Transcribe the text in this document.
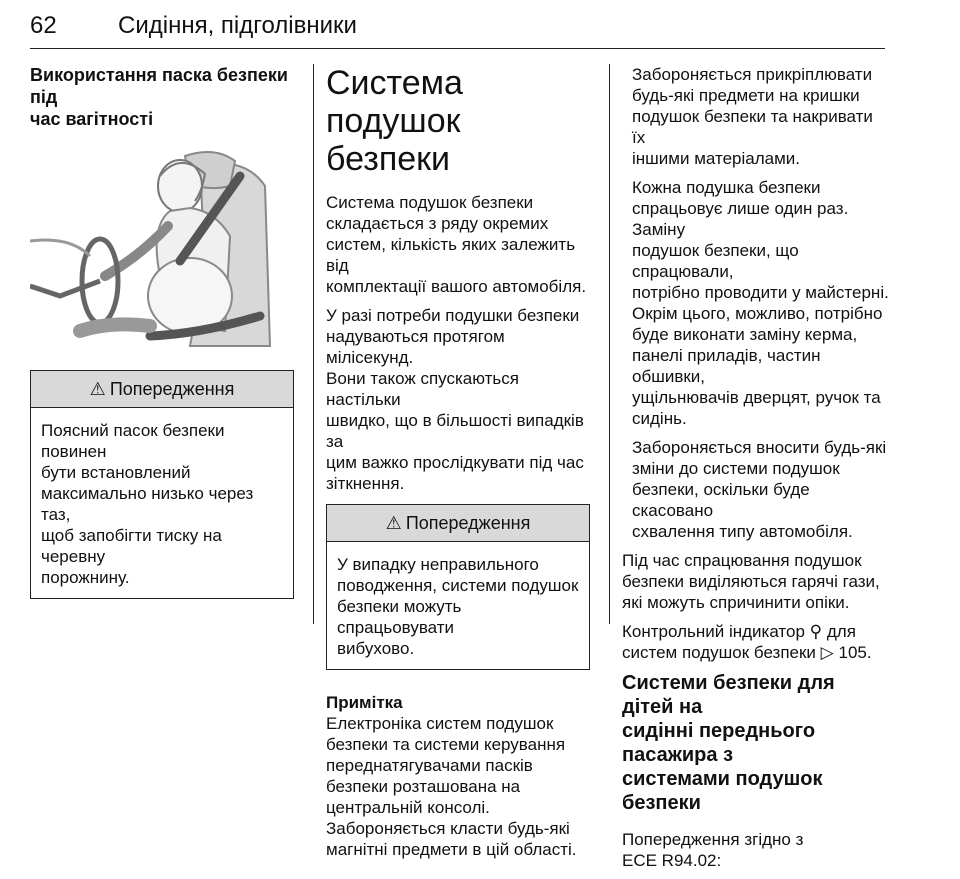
62	Сидіння, підголівники
Використання паска безпеки під
час вагітності
⚠ Попередження
Поясний пасок безпеки повинен
бути встановлений
максимально низько через таз,
щоб запобігти тиску на черевну
порожнину.
Система подушок
безпеки

Система подушок безпеки
складається з ряду окремих
систем, кількість яких залежить від
комплектації вашого автомобіля.

У разі потреби подушки безпеки
надуваються протягом мілісекунд.
Вони також спускаються настільки
швидко, що в більшості випадків за
цим важко прослідкувати під час
зіткнення.

⚠ Попередження
У випадку неправильного
поводження, системи подушок
безпеки можуть спрацьовувати
вибухово.
Примітка
Електроніка систем подушок
безпеки та системи керування
переднатягувачами пасків
безпеки розташована на
центральній консолі.
Забороняється класти будь-які
магнітні предмети в цій області.

Забороняється прикріплювати
будь-які предмети на кришки
подушок безпеки та накривати їх
іншими матеріалами.

Кожна подушка безпеки
спрацьовує лише один раз. Заміну
подушок безпеки, що спрацювали,
потрібно проводити у майстерні.
Окрім цього, можливо, потрібно
буде виконати заміну керма,
панелі приладів, частин обшивки,
ущільнювачів дверцят, ручок та
сидінь.

Забороняється вносити будь-які
зміни до системи подушок
безпеки, оскільки буде скасовано
схвалення типу автомобіля.

Під час спрацювання подушок
безпеки виділяються гарячі гази,
які можуть спричинити опіки.

Контрольний індикатор ⚲ для
систем подушок безпеки ▷ 105.

Системи безпеки для дітей на
сидінні переднього пасажира з
системами подушок безпеки

Попередження згідно з
ECE R94.02:
